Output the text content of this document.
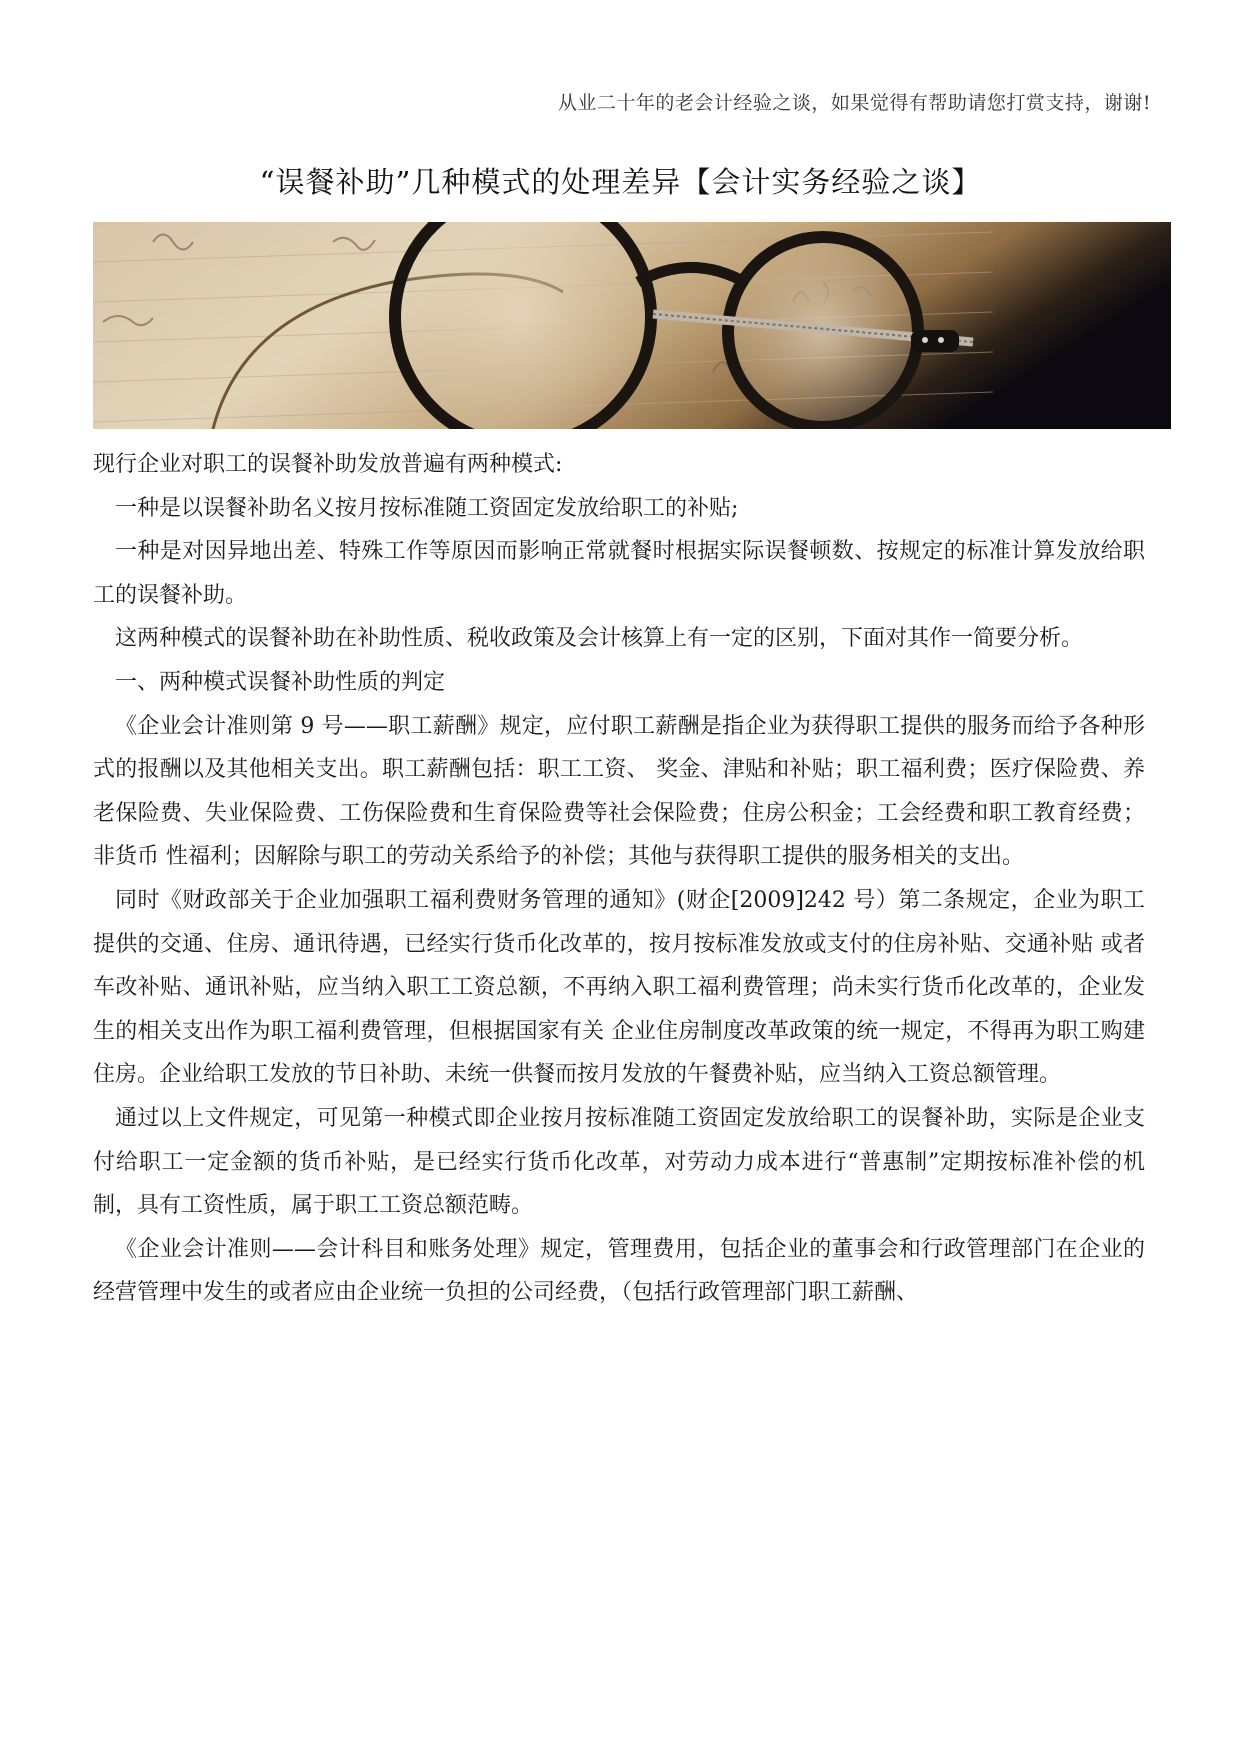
从业二十年的老会计经验之谈，如果觉得有帮助请您打赏支持，谢谢!
“误餐补助”几种模式的处理差异【会计实务经验之谈】

现行企业对职工的误餐补助发放普遍有两种模式:

一种是以误餐补助名义按月按标准随工资固定发放给职工的补贴;

一种是对因异地出差、特殊工作等原因而影响正常就餐时根据实际误餐顿数、按规定的标准计算发放给职工的误餐补助。

这两种模式的误餐补助在补助性质、税收政策及会计核算上有一定的区别，下面对其作一简要分析。

一、两种模式误餐补助性质的判定

《企业会计准则第 9 号——职工薪酬》规定，应付职工薪酬是指企业为获得职工提供的服务而给予各种形式的报酬以及其他相关支出。职工薪酬包括：职工工资、 奖金、津贴和补贴；职工福利费；医疗保险费、养老保险费、失业保险费、工伤保险费和生育保险费等社会保险费；住房公积金；工会经费和职工教育经费；非货币 性福利；因解除与职工的劳动关系给予的补偿；其他与获得职工提供的服务相关的支出。

同时《财政部关于企业加强职工福利费财务管理的通知》(财企[2009]242 号）第二条规定，企业为职工提供的交通、住房、通讯待遇，已经实行货币化改革的，按月按标准发放或支付的住房补贴、交通补贴 或者车改补贴、通讯补贴，应当纳入职工工资总额，不再纳入职工福利费管理；尚未实行货币化改革的，企业发生的相关支出作为职工福利费管理，但根据国家有关 企业住房制度改革政策的统一规定，不得再为职工购建住房。企业给职工发放的节日补助、未统一供餐而按月发放的午餐费补贴，应当纳入工资总额管理。

通过以上文件规定，可见第一种模式即企业按月按标准随工资固定发放给职工的误餐补助，实际是企业支付给职工一定金额的货币补贴，是已经实行货币化改革，对劳动力成本进行“普惠制”定期按标准补偿的机制，具有工资性质，属于职工工资总额范畴。

《企业会计准则——会计科目和账务处理》规定，管理费用，包括企业的董事会和行政管理部门在企业的经营管理中发生的或者应由企业统一负担的公司经费，（包括行政管理部门职工薪酬、
